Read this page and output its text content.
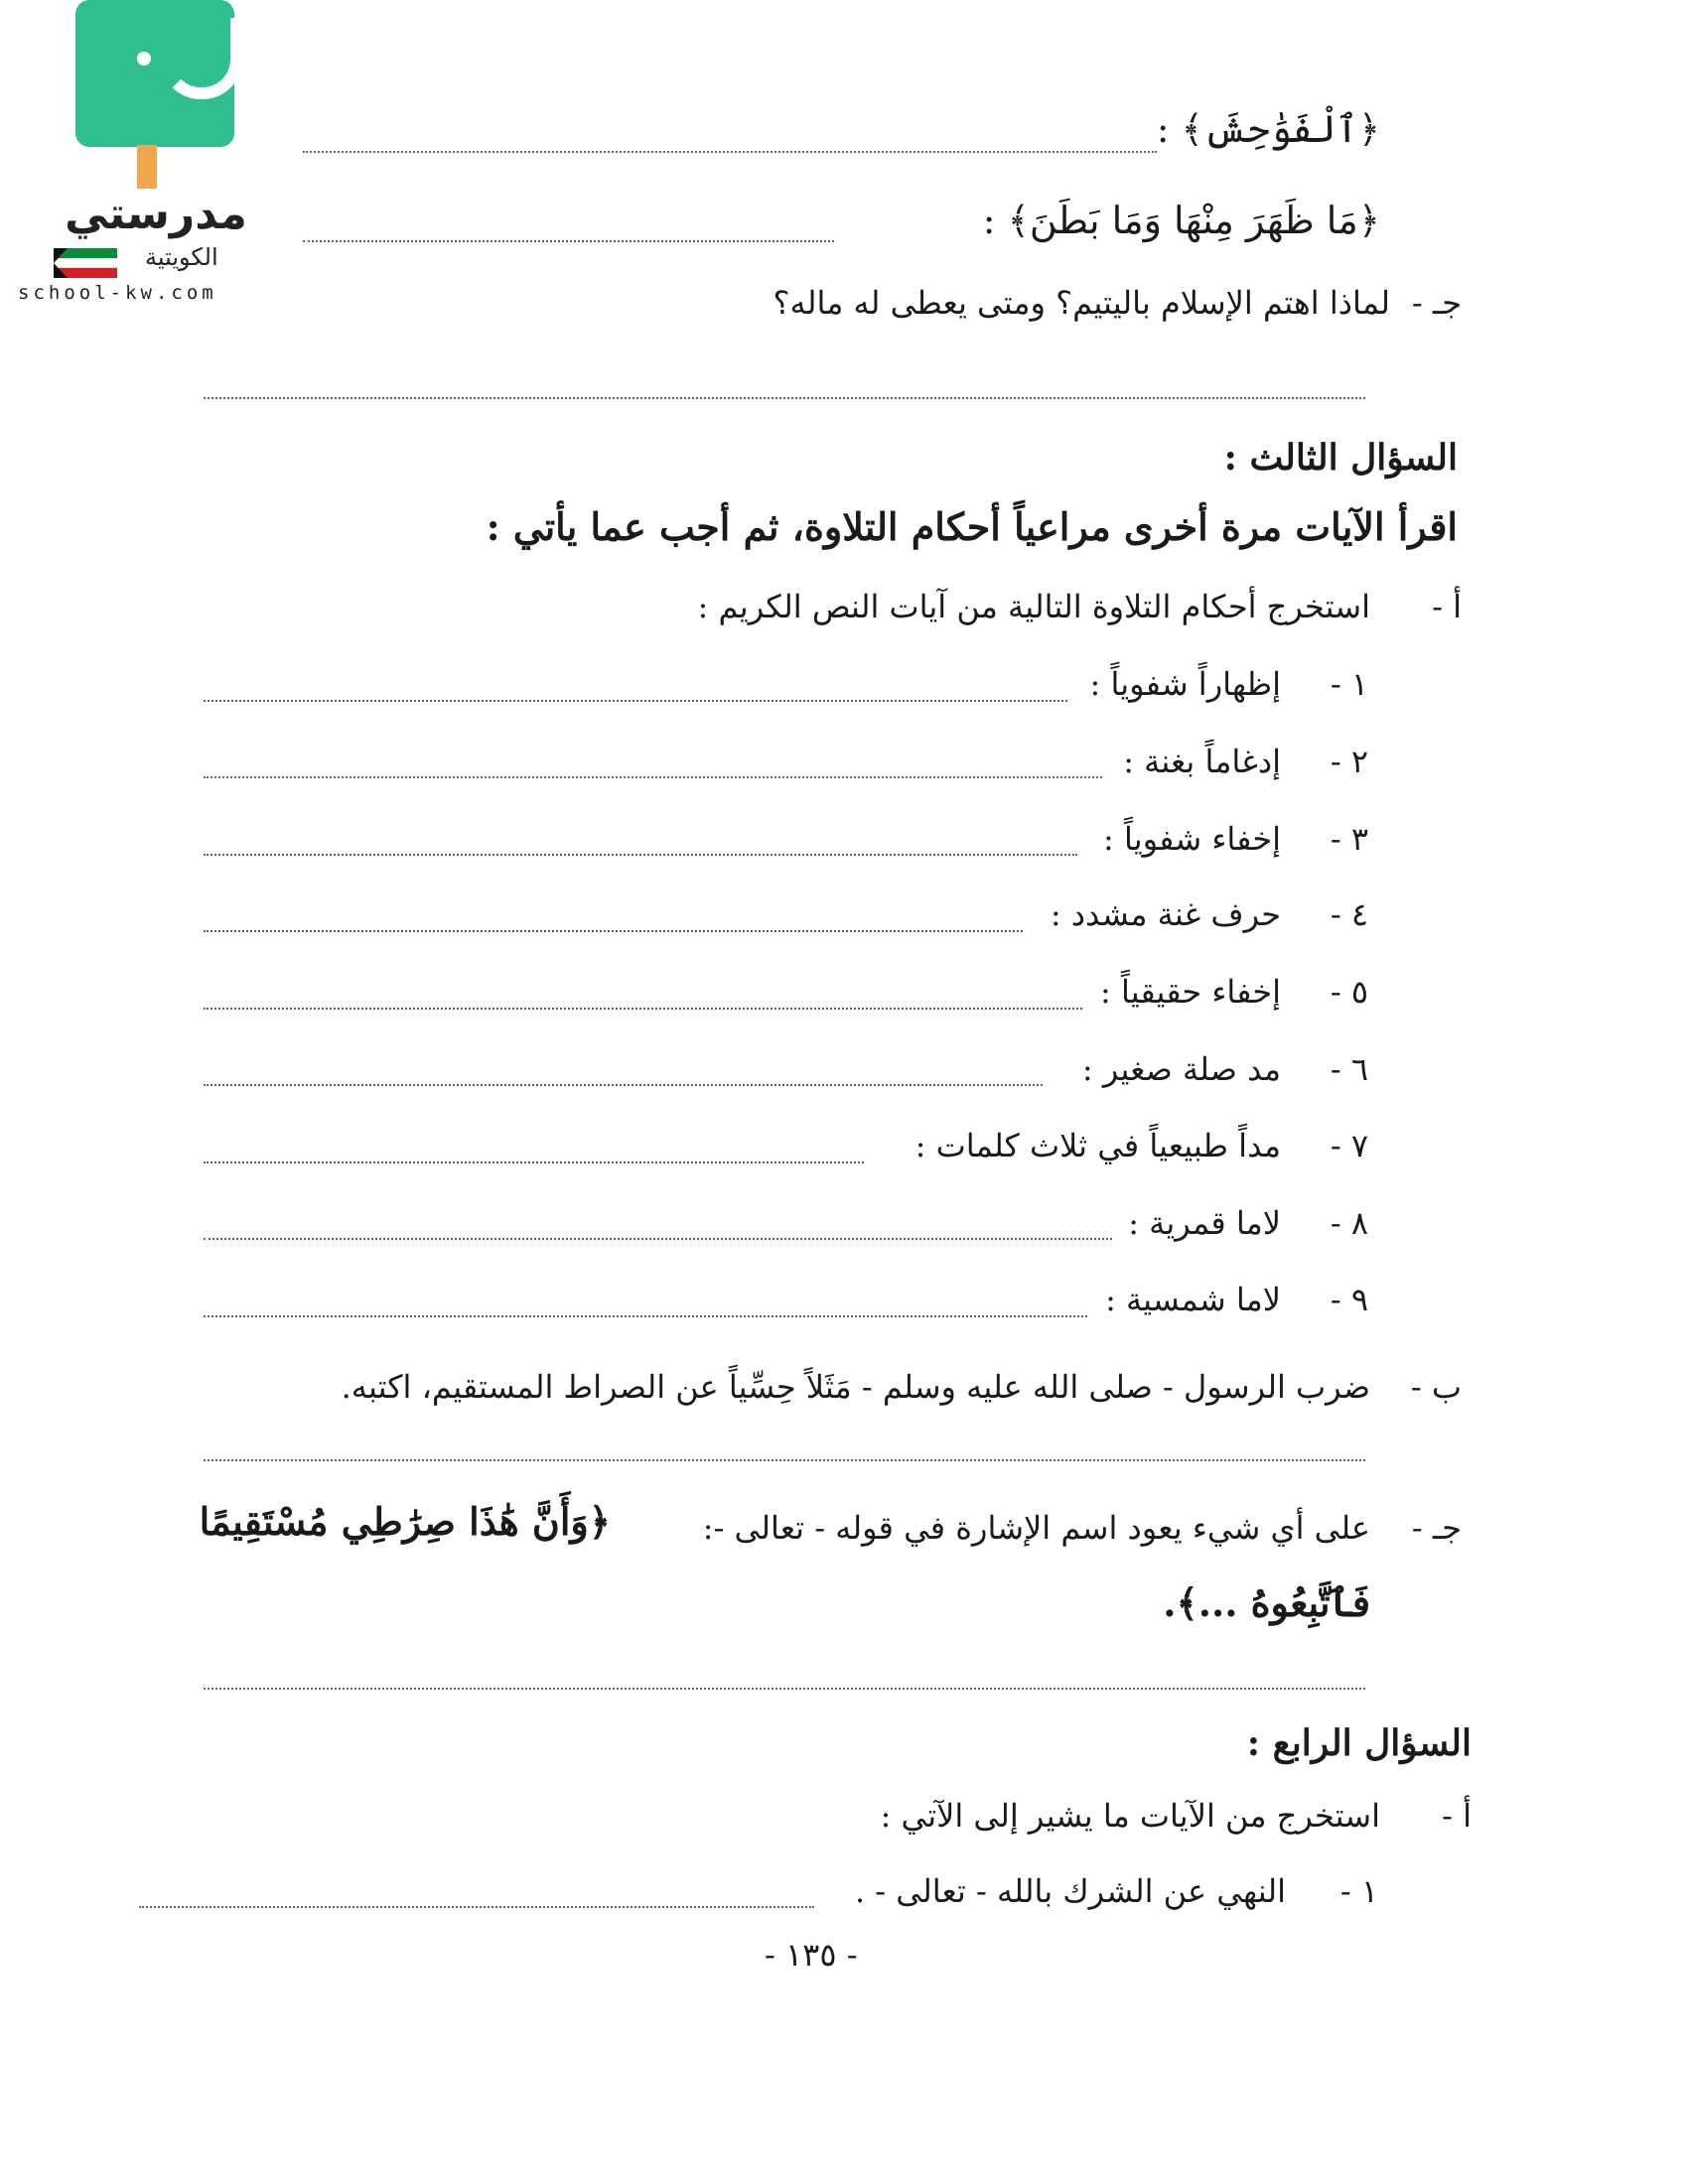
مدرستي
الكويتية
school-kw.com
﴿ٱلْفَوَٰحِشَ﴾ :
﴿مَا ظَهَرَ مِنْهَا وَمَا بَطَنَ﴾ :
جـ -
لماذا اهتم الإسلام باليتيم؟ ومتى يعطى له ماله؟
السؤال الثالث :
اقرأ الآيات مرة أخرى مراعياً أحكام التلاوة، ثم أجب عما يأتي :
أ -
استخرج أحكام التلاوة التالية من آيات النص الكريم :
١ -
إظهاراً شفوياً :
٢ -
إدغاماً بغنة :
٣ -
إخفاء شفوياً :
٤ -
حرف غنة مشدد :
٥ -
إخفاء حقيقياً :
٦ -
مد صلة صغير :
٧ -
مداً طبيعياً في ثلاث كلمات :
٨ -
لاما قمرية :
٩ -
لاما شمسية :
ب -
ضرب الرسول - صلى الله عليه وسلم - مَثَلاً حِسِّياً عن الصراط المستقيم، اكتبه.
جـ -
على أي شيء يعود اسم الإشارة في قوله - تعالى -:
﴿وَأَنَّ هَٰذَا صِرَٰطِي مُسْتَقِيمًا
فَٱتَّبِعُوهُ ...﴾.
السؤال الرابع :
أ -
استخرج من الآيات ما يشير إلى الآتي :
١ -
النهي عن الشرك بالله - تعالى - .
- ١٣٥ -
